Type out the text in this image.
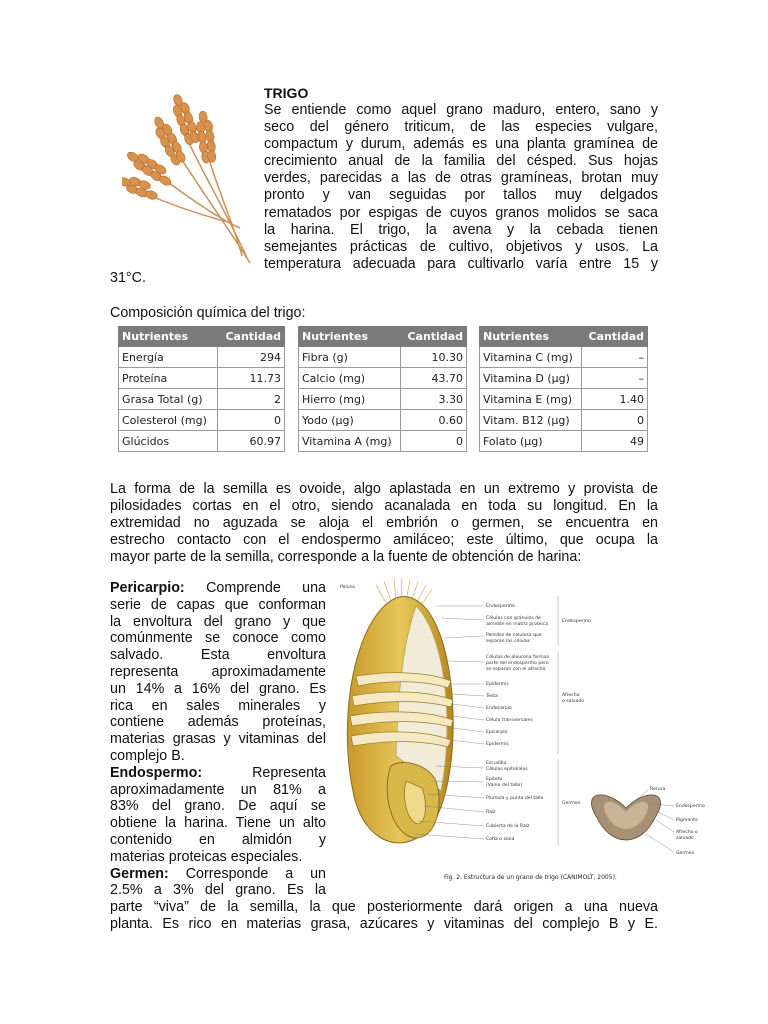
TRIGO

Se entiende como aquel grano maduro, entero, sano y
seco del género triticum, de las especies vulgare,
compactum y durum, además es una planta gramínea de
crecimiento anual de la familia del césped. Sus hojas
verdes, parecidas a las de otras gramíneas, brotan muy
pronto y van seguidas por tallos muy delgados
rematados por espigas de cuyos granos molidos se saca
la harina. El trigo, la avena y la cebada tienen
semejantes prácticas de cultivo, objetivos y usos. La
temperatura adecuada para cultivarlo varía entre 15 y

31°C.
Composición química del trigo:
Nutrientes	Cantidad
Energía	294
Proteína	11.73
Grasa Total (g)	2
Colesterol (mg)	0
Glúcidos	60.97
Nutrientes	Cantidad
Fibra (g)	10.30
Calcio (mg)	43.70
Hierro (mg)	3.30
Yodo (µg)	0.60
Vitamina A (mg)	0
Nutrientes	Cantidad
Vitamina C (mg)	–
Vitamina D (µg)	–
Vitamina E (mg)	1.40
Vitam. B12 (µg)	0
Folato (µg)	49

La forma de la semilla es ovoide, algo aplastada en un extremo y provista de
pilosidades cortas en el otro, siendo acanalada en toda su longitud. En la
extremidad no aguzada se aloja el embrión o germen, se encuentra en
estrecho contacto con el endospermo amiláceo; este último, que ocupa la
mayor parte de la semilla, corresponde a la fuente de obtención de harina:

Pericarpio: Comprende una
serie de capas que conforman
la envoltura del grano y que
comúnmente se conoce como
salvado. Esta envoltura
representa aproximadamente
un 14% a 16% del grano. Es
rica en sales minerales y
contiene además proteínas,
materias grasas y vitaminas del
complejo B.
Endospermo: Representa
aproximadamente un 81% a
83% del grano. De aquí se
obtiene la harina. Tiene un alto
contenido en almidón y
materias proteicas especiales.
Germen: Corresponde a un
2.5% a 3% del grano. Es la

parte “viva” de la semilla, la que posteriormente dará origen a una nueva
planta. Es rico en materias grasa, azúcares y vitaminas del complejo B y E.

Pelusa
Endospermo
Células con gránulos de
almidón en matriz proteica
Paredes de celulosa que
separan las células
Células de aleurona forman
parte del endospermo pero
se separan con el afrecho
Epidermis
Testa
Endocarpio
Célula transversales
Epicarpio
Epidermis
Escudillo
Células epiteliales
Epiteto
(Vaina del tallo)
Plúmula y punta del tallo
Raíz
Cubierta de la Raíz
Cofia o zona
Endospermo
Afrecho
o salvado
Germen
Rerura
Endospermo
Pigmento
Afrecho o
salvado
Germen
Fig. 2. Estructura de un grano de trigo (CANIMOLT, 2005).
